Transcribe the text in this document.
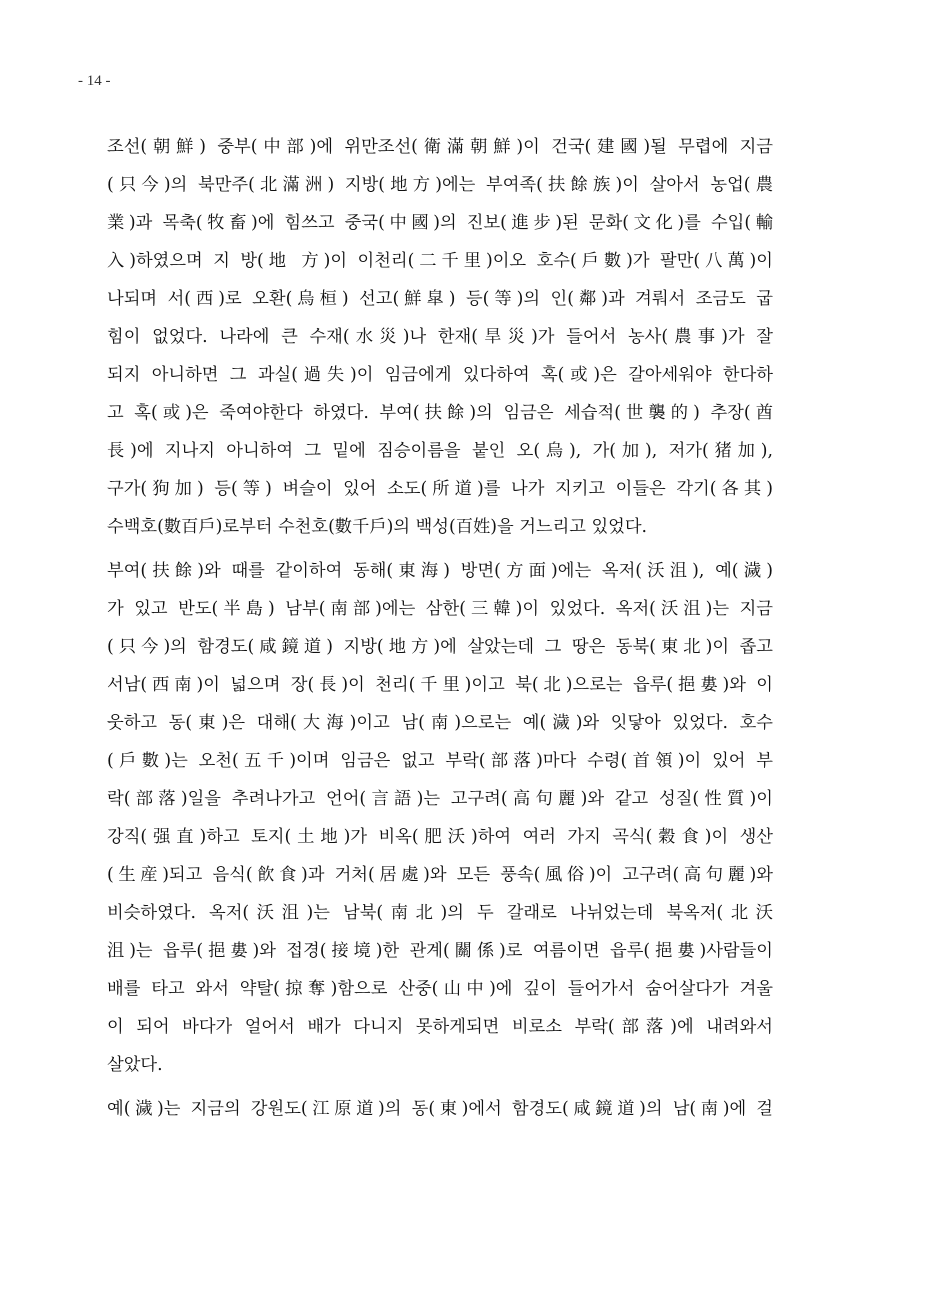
- 14 -
조선(朝鮮) 중부(中部)에 위만조선(衛滿朝鮮)이 건국(建國)될 무렵에 지금
(只今)의 북만주(北滿洲) 지방(地方)에는 부여족(扶餘族)이 살아서 농업(農
業)과 목축(牧畜)에 힘쓰고 중국(中國)의 진보(進步)된 문화(文化)를 수입(輸
入)하였으며 지 방(地 方)이 이천리(二千里)이오 호수(戶數)가 팔만(八萬)이
나되며 서(西)로 오환(烏桓) 선고(鮮皐) 등(等)의 인(鄰)과 겨뤄서 조금도 굽
힘이 없었다. 나라에 큰 수재(水災)나 한재(旱災)가 들어서 농사(農事)가 잘
되지 아니하면 그 과실(過失)이 임금에게 있다하여 혹(或)은 갈아세워야 한다하
고 혹(或)은 죽여야한다 하였다. 부여(扶餘)의 임금은 세습적(世襲的) 추장(酋
長)에 지나지 아니하여 그 밑에 짐승이름을 붙인 오(烏), 가(加), 저가(猪加),
구가(狗加) 등(等) 벼슬이 있어 소도(所道)를 나가 지키고 이들은 각기(各其)
수백호(數百戶)로부터 수천호(數千戶)의 백성(百姓)을 거느리고 있었다.
부여(扶餘)와 때를 같이하여 동해(東海) 방면(方面)에는 옥저(沃沮), 예(濊)
가 있고 반도(半島) 남부(南部)에는 삼한(三韓)이 있었다. 옥저(沃沮)는 지금
(只今)의 함경도(咸鏡道) 지방(地方)에 살았는데 그 땅은 동북(東北)이 좁고
서남(西南)이 넓으며 장(長)이 천리(千里)이고 북(北)으로는 읍루(挹婁)와 이
웃하고 동(東)은 대해(大海)이고 남(南)으로는 예(濊)와 잇닿아 있었다. 호수
(戶數)는 오천(五千)이며 임금은 없고 부락(部落)마다 수령(首領)이 있어 부
락(部落)일을 추려나가고 언어(言語)는 고구려(高句麗)와 같고 성질(性質)이
강직(强直)하고 토지(土地)가 비옥(肥沃)하여 여러 가지 곡식(穀食)이 생산
(生産)되고 음식(飮食)과 거처(居處)와 모든 풍속(風俗)이 고구려(高句麗)와
비슷하였다. 옥저(沃沮)는 남북(南北)의 두 갈래로 나뉘었는데 북옥저(北沃
沮)는 읍루(挹婁)와 접경(接境)한 관계(關係)로 여름이면 읍루(挹婁)사람들이
배를 타고 와서 약탈(掠奪)함으로 산중(山中)에 깊이 들어가서 숨어살다가 겨울
이 되어 바다가 얼어서 배가 다니지 못하게되면 비로소 부락(部落)에 내려와서
살았다.
예(濊)는 지금의 강원도(江原道)의 동(東)에서 함경도(咸鏡道)의 남(南)에 걸
